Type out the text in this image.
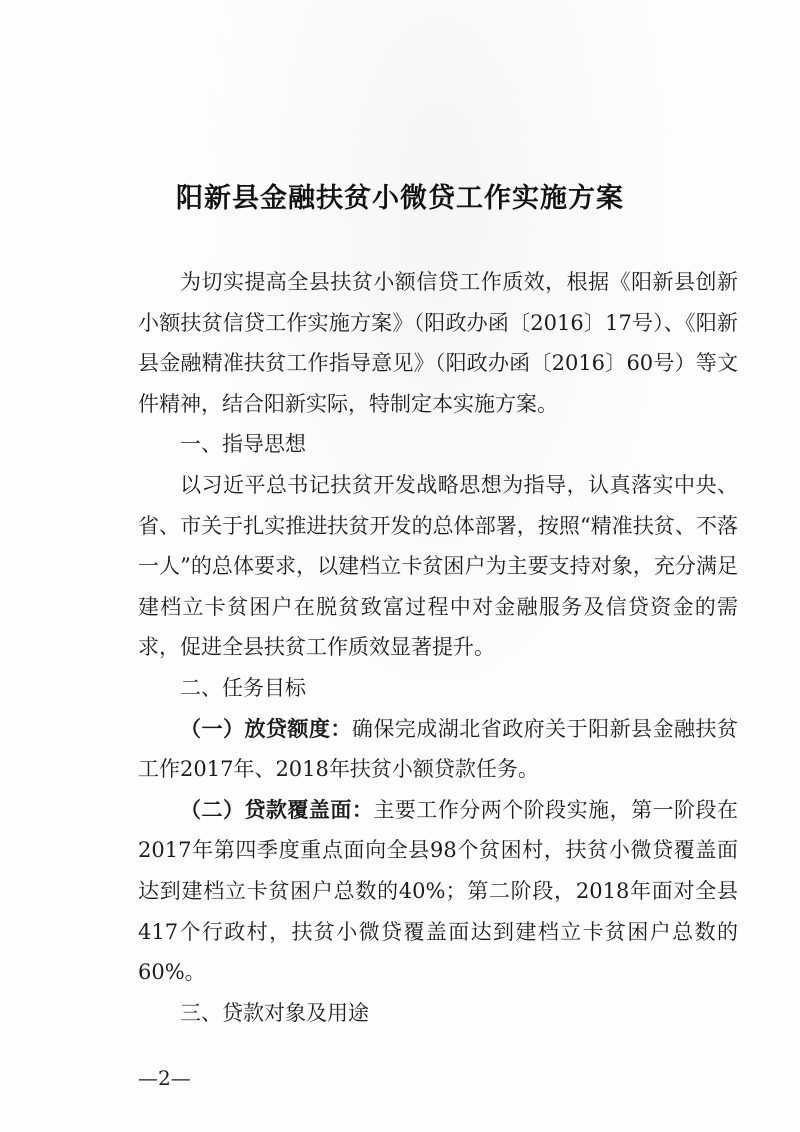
阳新县金融扶贫小微贷工作实施方案

为切实提高全县扶贫小额信贷工作质效，根据《阳新县创新小额扶贫信贷工作实施方案》（阳政办函〔2016〕17号）、《阳新县金融精准扶贫工作指导意见》（阳政办函〔2016〕60号）等文件精神，结合阳新实际，特制定本实施方案。

一、指导思想

以习近平总书记扶贫开发战略思想为指导，认真落实中央、省、市关于扎实推进扶贫开发的总体部署，按照“精准扶贫、不落一人”的总体要求，以建档立卡贫困户为主要支持对象，充分满足建档立卡贫困户在脱贫致富过程中对金融服务及信贷资金的需求，促进全县扶贫工作质效显著提升。

二、任务目标

（一）放贷额度：确保完成湖北省政府关于阳新县金融扶贫工作2017年、2018年扶贫小额贷款任务。

（二）贷款覆盖面：主要工作分两个阶段实施，第一阶段在2017年第四季度重点面向全县98个贫困村，扶贫小微贷覆盖面达到建档立卡贫困户总数的40%；第二阶段，2018年面对全县417个行政村，扶贫小微贷覆盖面达到建档立卡贫困户总数的60%。

三、贷款对象及用途

—2—
